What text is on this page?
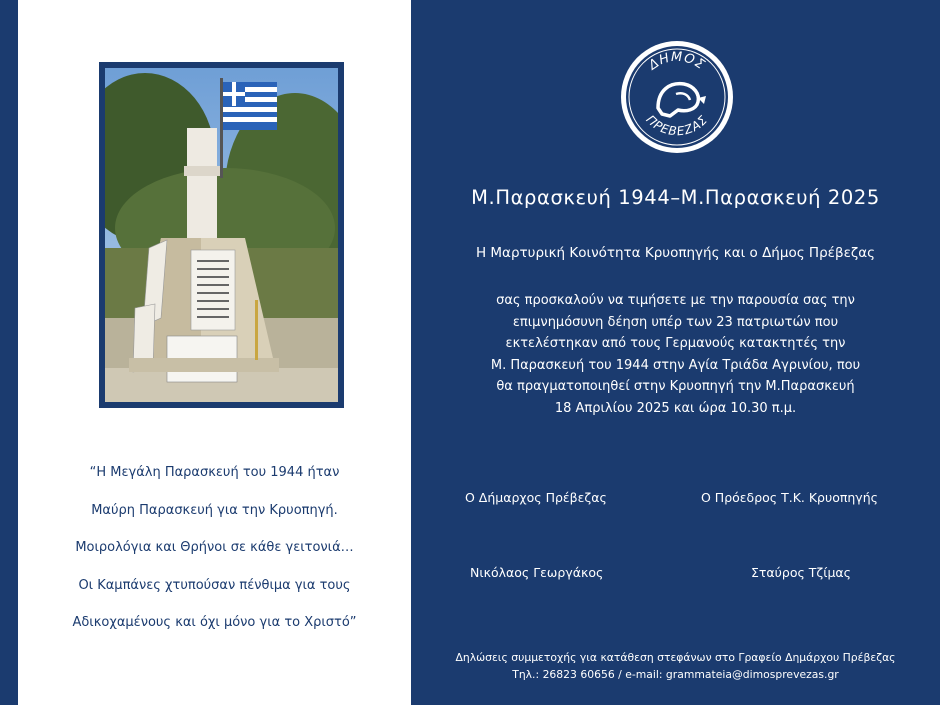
“Η Μεγάλη Παρασκευή του 1944 ήταν
Μαύρη Παρασκευή για την Κρυοπηγή.
Μοιρολόγια και Θρήνοι σε κάθε γειτονιά…
Οι Καμπάνες χτυπούσαν πένθιμα για τους
Αδικοχαμένους και όχι μόνο για το Χριστό”
ΔΗΜΟΣ
ΠΡΕΒΕΖΑΣ
Μ.Παρασκευή 1944–Μ.Παρασκευή 2025
Η Μαρτυρική Κοινότητα Κρυοπηγής και ο Δήμος Πρέβεζας
σας προσκαλούν να τιμήσετε με την παρουσία σας την
επιμνημόσυνη δέηση υπέρ των 23 πατριωτών που
εκτελέστηκαν από τους Γερμανούς κατακτητές την
Μ. Παρασκευή του 1944 στην Αγία Τριάδα Αγρινίου, που
θα πραγματοποιηθεί στην Κρυοπηγή την Μ.Παρασκευή
18 Απριλίου 2025 και ώρα 10.30 π.μ.
Ο Δήμαρχος Πρέβεζας	Ο Πρόεδρος Τ.Κ. Κρυοπηγής
Νικόλαος Γεωργάκος	Σταύρος Τζίμας
Δηλώσεις συμμετοχής για κατάθεση στεφάνων στο Γραφείο Δημάρχου Πρέβεζας
Τηλ.: 26823 60656 / e-mail: grammateia@dimosprevezas.gr
